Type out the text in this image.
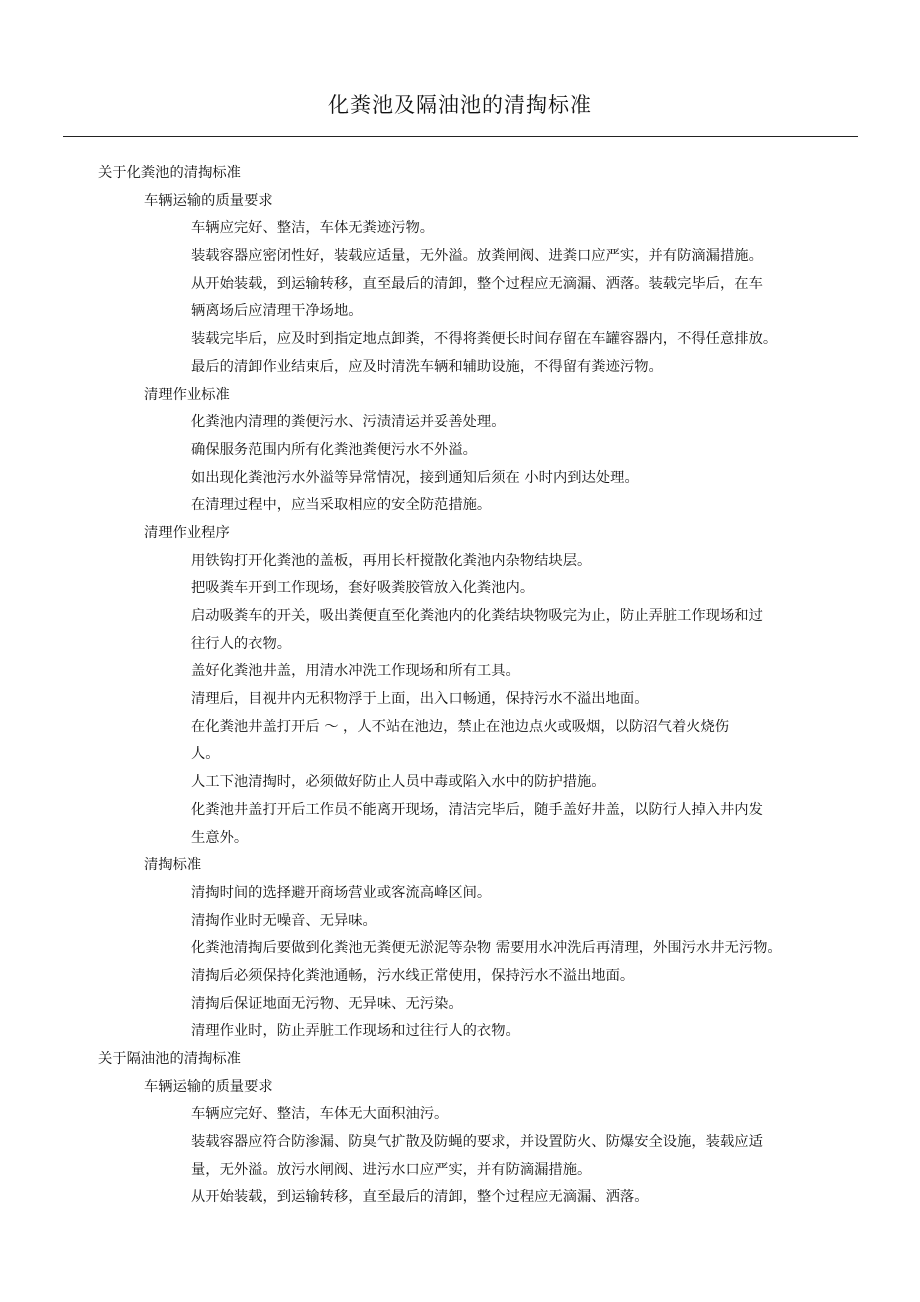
化粪池及隔油池的清掏标准
关于化粪池的清掏标准
车辆运输的质量要求
车辆应完好、整洁，车体无粪迹污物。
装载容器应密闭性好，装载应适量，无外溢。放粪闸阀、进粪口应严实，并有防滴漏措施。
从开始装载，到运输转移，直至最后的清卸，整个过程应无滴漏、洒落。装载完毕后，在车
辆离场后应清理干净场地。
装载完毕后，应及时到指定地点卸粪，不得将粪便长时间存留在车罐容器内，不得任意排放。
最后的清卸作业结束后，应及时清洗车辆和辅助设施，不得留有粪迹污物。
清理作业标准
化粪池内清理的粪便污水、污渍清运并妥善处理。
确保服务范围内所有化粪池粪便污水不外溢。
如出现化粪池污水外溢等异常情况，接到通知后须在 小时内到达处理。
在清理过程中，应当采取相应的安全防范措施。
清理作业程序
用铁钩打开化粪池的盖板，再用长杆搅散化粪池内杂物结块层。
把吸粪车开到工作现场，套好吸粪胶管放入化粪池内。
启动吸粪车的开关，吸出粪便直至化粪池内的化粪结块物吸完为止，防止弄脏工作现场和过
往行人的衣物。
盖好化粪池井盖，用清水冲洗工作现场和所有工具。
清理后，目视井内无积物浮于上面，出入口畅通，保持污水不溢出地面。
在化粪池井盖打开后 ～ ，人不站在池边，禁止在池边点火或吸烟，以防沼气着火烧伤
人。
人工下池清掏时，必须做好防止人员中毒或陷入水中的防护措施。
化粪池井盖打开后工作员不能离开现场，清洁完毕后，随手盖好井盖，以防行人掉入井内发
生意外。
清掏标准
清掏时间的选择避开商场营业或客流高峰区间。
清掏作业时无噪音、无异味。
化粪池清掏后要做到化粪池无粪便无淤泥等杂物 需要用水冲洗后再清理，外围污水井无污物。
清掏后必须保持化粪池通畅，污水线正常使用，保持污水不溢出地面。
清掏后保证地面无污物、无异味、无污染。
清理作业时，防止弄脏工作现场和过往行人的衣物。
关于隔油池的清掏标准
车辆运输的质量要求
车辆应完好、整洁，车体无大面积油污。
装载容器应符合防渗漏、防臭气扩散及防蝇的要求，并设置防火、防爆安全设施，装载应适
量，无外溢。放污水闸阀、进污水口应严实，并有防滴漏措施。
从开始装载，到运输转移，直至最后的清卸，整个过程应无滴漏、洒落。
